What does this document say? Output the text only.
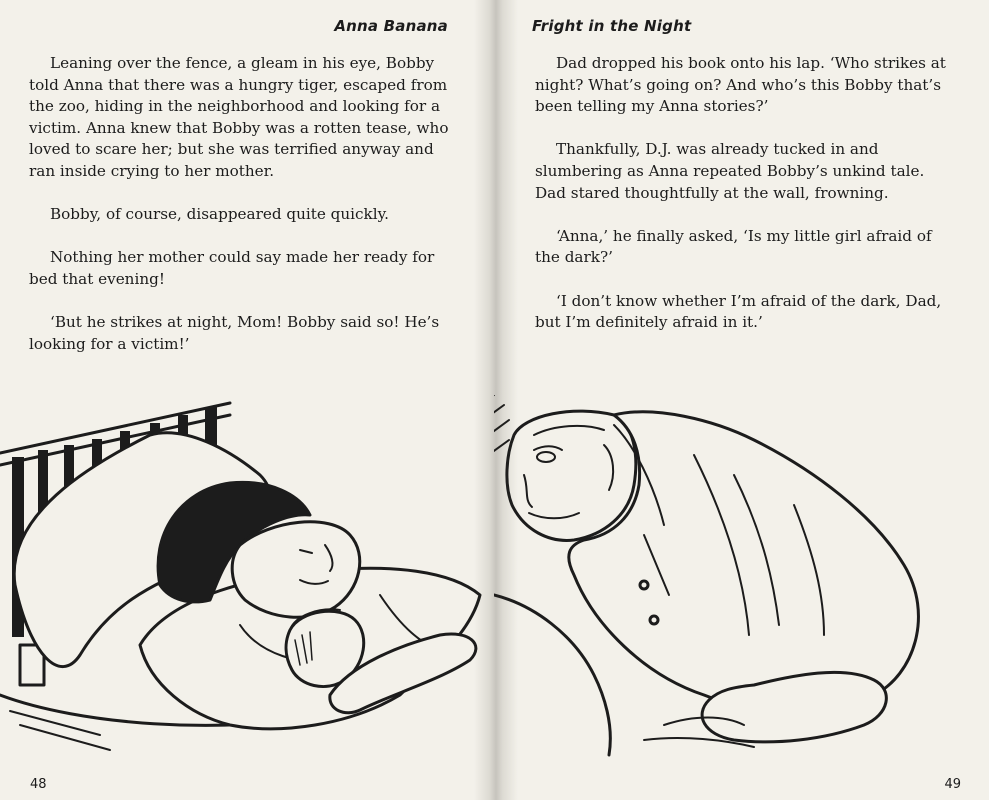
Anna Banana

Leaning over the fence, a gleam in his eye, Bobby told Anna that there was a hungry tiger, escaped from the zoo, hiding in the neighborhood and looking for a victim. Anna knew that Bobby was a rotten tease, who loved to scare her; but she was terrified anyway and ran inside crying to her mother.

Bobby, of course, disappeared quite quickly.

Nothing her mother could say made her ready for bed that evening!

‘But he strikes at night, Mom! Bobby said so! He’s looking for a victim!’

48
Fright in the Night

Dad dropped his book onto his lap. ‘Who strikes at night? What’s going on? And who’s this Bobby that’s been telling my Anna stories?’

Thankfully, D.J. was already tucked in and slumbering as Anna repeated Bobby’s unkind tale. Dad stared thoughtfully at the wall, frowning.

‘Anna,’ he finally asked, ‘Is my little girl afraid of the dark?’

‘I don’t know whether I’m afraid of the dark, Dad, but I’m definitely afraid in it.’

49
